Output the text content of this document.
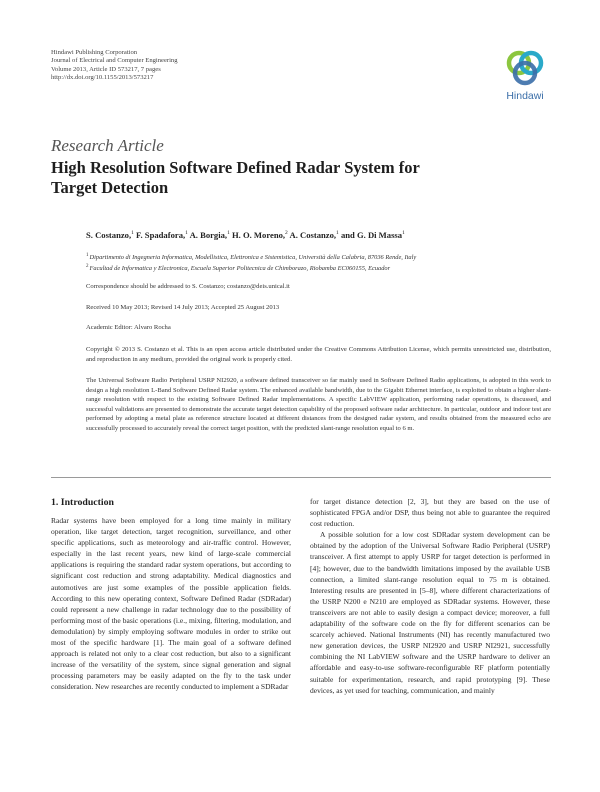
Hindawi Publishing Corporation
Journal of Electrical and Computer Engineering
Volume 2013, Article ID 573217, 7 pages
http://dx.doi.org/10.1155/2013/573217
Hindawi
Research Article
High Resolution Software Defined Radar System for
Target Detection
S. Costanzo,$^1$ F. Spadafora,$^1$ A. Borgia,$^1$ H. O. Moreno,$^2$ A. Costanzo,$^1$ and G. Di Massa$^1$
$^1$Dipartimento di Ingegneria Informatica, Modellistica, Elettronica e Sistemistica, Università della Calabria, 87036 Rende, Italy
$^2$Facultad de Informatica y Electronica, Escuela Superior Politecnica de Chimborazo, Riobamba EC060155, Ecuador
Correspondence should be addressed to S. Costanzo; costanzo@deis.unical.it
Received 10 May 2013; Revised 14 July 2013; Accepted 25 August 2013
Academic Editor: Alvaro Rocha
Copyright © 2013 S. Costanzo et al. This is an open access article distributed under the Creative Commons Attribution License, which permits unrestricted use, distribution, and reproduction in any medium, provided the original work is properly cited.
The Universal Software Radio Peripheral USRP NI2920, a software defined transceiver so far mainly used in Software Defined Radio applications, is adopted in this work to design a high resolution L-Band Software Defined Radar system. The enhanced available bandwidth, due to the Gigabit Ethernet interface, is exploited to obtain a higher slant-range resolution with respect to the existing Software Defined Radar implementations. A specific LabVIEW application, performing radar operations, is discussed, and successful validations are presented to demonstrate the accurate target detection capability of the proposed software radar architecture. In particular, outdoor and indoor test are performed by adopting a metal plate as reference structure located at different distances from the designed radar system, and results obtained from the measured echo are successfully processed to accurately reveal the correct target position, with the predicted slant-range resolution equal to 6 m.
1. Introduction
Radar systems have been employed for a long time mainly in military operation, like target detection, target recognition, surveillance, and other specific applications, such as meteorology and air-traffic control. However, especially in the last recent years, new kind of large-scale commercial applications is requiring the standard radar system operations, but according to significant cost reduction and strong adaptability. Medical diagnostics and automotives are just some examples of the possible application fields. According to this new operating context, Software Defined Radar (SDRadar) could represent a new challenge in radar technology due to the possibility of performing most of the basic operations (i.e., mixing, filtering, modulation, and demodulation) by simply employing software modules in order to strike out most of the specific hardware [1]. The main goal of a software defined approach is related not only to a clear cost reduction, but also to a significant increase of the versatility of the system, since signal generation and signal processing parameters may be easily adapted on the fly to the task under consideration. New researches are recently conducted to implement a SDRadar
for target distance detection [2, 3], but they are based on the use of sophisticated FPGA and/or DSP, thus being not able to guarantee the required cost reduction.
A possible solution for a low cost SDRadar system development can be obtained by the adoption of the Universal Software Radio Peripheral (USRP) transceiver. A first attempt to apply USRP for target detection is performed in [4]; however, due to the bandwidth limitations imposed by the available USB connection, a limited slant-range resolution equal to 75 m is obtained. Interesting results are presented in [5–8], where different characterizations of the USRP N200 e N210 are employed as SDRadar systems. However, these transceivers are not able to easily design a compact device; moreover, a full adaptability of the software code on the fly for different scenarios can be scarcely achieved. National Instruments (NI) has recently manufactured two new generation devices, the USRP NI2920 and USRP NI2921, successfully combining the NI LabVIEW software and the USRP hardware to deliver an affordable and easy-to-use software-reconfigurable RF platform potentially suitable for experimentation, research, and rapid prototyping [9]. These devices, as yet used for teaching, communication, and mainly
